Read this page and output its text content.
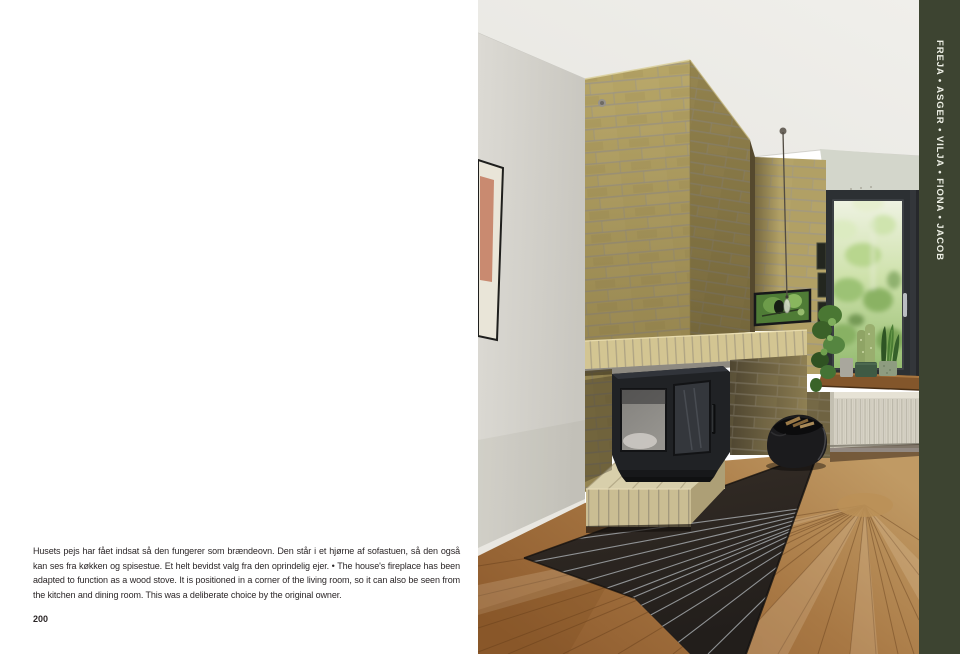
Husets pejs har fået indsat så den fungerer som brændeovn. Den står i et hjørne af sofastuen, så den også kan ses fra køkken og spisestue. Et helt bevidst valg fra den oprindelig ejer. • The house's fireplace has been adapted to function as a wood stove. It is positioned in a corner of the living room, so it can also be seen from the kitchen and dining room. This was a deliberate choice by the original owner.
200
FREJA • ASGER • VILJA • FIONA • JACOB
